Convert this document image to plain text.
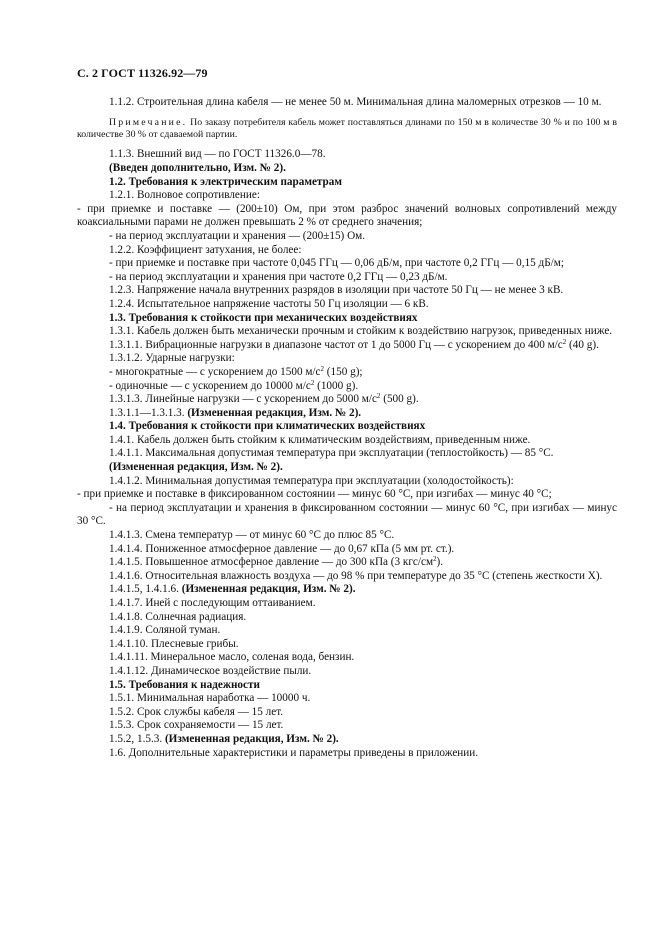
С. 2 ГОСТ 11326.92—79

1.1.2. Строительная длина кабеля — не менее 50 м. Минимальная длина маломерных отрезков — 10 м.

Примечание. По заказу потребителя кабель может поставляться длинами по 150 м в количестве 30 % и по 100 м в количестве 30 % от сдаваемой партии.

1.1.3. Внешний вид — по ГОСТ 11326.0—78.

(Введен дополнительно, Изм. № 2).

1.2. Требования к электрическим параметрам

1.2.1. Волновое сопротивление:

- при приемке и поставке — (200±10) Ом, при этом разброс значений волновых сопротивлений между коаксиальными парами не должен превышать 2 % от среднего значения;

- на период эксплуатации и хранения — (200±15) Ом.

1.2.2. Коэффициент затухания, не более:

- при приемке и поставке при частоте 0,045 ГГц — 0,06 дБ/м, при частоте 0,2 ГГц — 0,15 дБ/м;

- на период эксплуатации и хранения при частоте 0,2 ГГц — 0,23 дБ/м.

1.2.3. Напряжение начала внутренних разрядов в изоляции при частоте 50 Гц — не менее 3 кВ.

1.2.4. Испытательное напряжение частоты 50 Гц изоляции — 6 кВ.

1.3. Требования к стойкости при механических воздействиях

1.3.1. Кабель должен быть механически прочным и стойким к воздействию нагрузок, приведенных ниже.

1.3.1.1. Вибрационные нагрузки в диапазоне частот от 1 до 5000 Гц — с ускорением до 400 $м/с^2$ (40 g).

1.3.1.2. Ударные нагрузки:

- многократные — с ускорением до 1500 $м/с^2$ (150 g);

- одиночные — с ускорением до 10000 $м/с^2$ (1000 g).

1.3.1.3. Линейные нагрузки — с ускорением до 5000 $м/с^2$ (500 g).

1.3.1.1—1.3.1.3. (Измененная редакция, Изм. № 2).

1.4. Требования к стойкости при климатических воздействиях

1.4.1. Кабель должен быть стойким к климатическим воздействиям, приведенным ниже.

1.4.1.1. Максимальная допустимая температура при эксплуатации (теплостойкость) — 85 °С.

(Измененная редакция, Изм. № 2).

1.4.1.2. Минимальная допустимая температура при эксплуатации (холодостойкость):

- при приемке и поставке в фиксированном состоянии — минус 60 °С, при изгибах — минус 40 °С;

- на период эксплуатации и хранения в фиксированном состоянии — минус 60 °С, при изгибах — минус 30 °С.

1.4.1.3. Смена температур — от минус 60 °С до плюс 85 °С.

1.4.1.4. Пониженное атмосферное давление — до 0,67 кПа (5 мм рт. ст.).

1.4.1.5. Повышенное атмосферное давление — до 300 кПа (3 кгс/$см^2$).

1.4.1.6. Относительная влажность воздуха — до 98 % при температуре до 35 °С (степень жесткости X).

1.4.1.5, 1.4.1.6. (Измененная редакция, Изм. № 2).

1.4.1.7. Иней с последующим оттаиванием.

1.4.1.8. Солнечная радиация.

1.4.1.9. Соляной туман.

1.4.1.10. Плесневые грибы.

1.4.1.11. Минеральное масло, соленая вода, бензин.

1.4.1.12. Динамическое воздействие пыли.

1.5. Требования к надежности

1.5.1. Минимальная наработка — 10000 ч.

1.5.2. Срок службы кабеля — 15 лет.

1.5.3. Срок сохраняемости — 15 лет.

1.5.2, 1.5.3. (Измененная редакция, Изм. № 2).

1.6. Дополнительные характеристики и параметры приведены в приложении.
